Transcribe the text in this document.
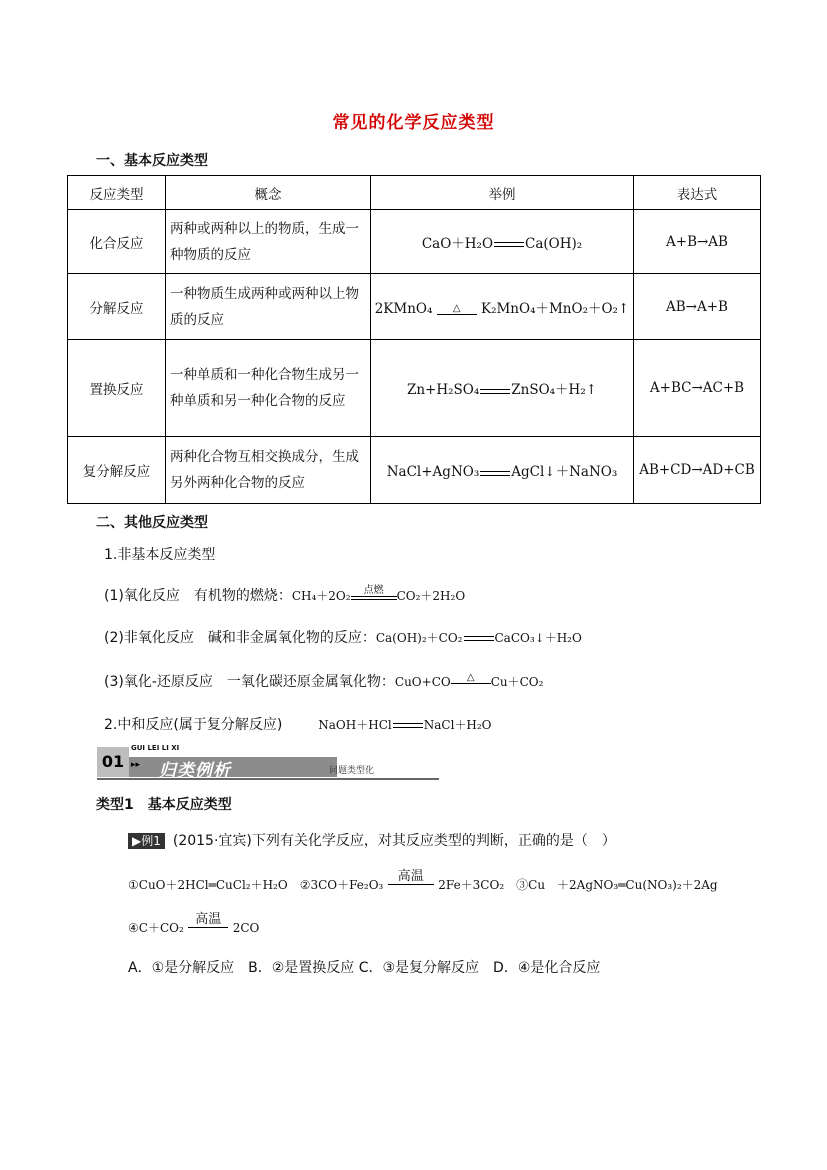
常见的化学反应类型
一、基本反应类型
反应类型	概念	举例	表达式
化合反应	两种或两种以上的物质，生成一种物质的反应	CaO＋H₂O Ca(OH)₂	A+B→AB
分解反应	一种物质生成两种或两种以上物质的反应	2KMnO₄ △ K₂MnO₄＋MnO₂＋O₂↑	AB→A+B
置换反应	一种单质和一种化合物生成另一种单质和另一种化合物的反应	Zn+H₂SO₄ ZnSO₄＋H₂↑	A+BC→AC+B
复分解反应	两种化合物互相交换成分，生成另外两种化合物的反应	NaCl+AgNO₃ AgCl↓＋NaNO₃	AB+CD→AD+CB
二、其他反应类型
1.非基本反应类型
(1)氧化反应　有机物的燃烧：CH₄＋2O₂	点燃	CO₂＋2H₂O
(2)非氧化反应　碱和非金属氧化物的反应：Ca(OH)₂＋CO₂	CaCO₃↓＋H₂O
(3)氧化-还原反应　一氧化碳还原金属氧化物：CuO+CO	△	Cu＋CO₂
2.中和反应(属于复分解反应)	NaOH＋HCl	NaCl＋H₂O
01
GUI LEI LI XI
▸▸ 归类例析	问题类型化
类型1　基本反应类型
▶例1 (2015·宜宾)下列有关化学反应，对其反应类型的判断，正确的是（　）
①CuO＋2HCl═CuCl₂＋H₂O　②3CO＋Fe₂O₃
高温
2Fe＋3CO₂　③Cu　＋2AgNO₃═Cu(NO₃)₂＋2Ag
④C＋CO₂
高温
2CO
A．①是分解反应　B．②是置换反应 C．③是复分解反应　D．④是化合反应
